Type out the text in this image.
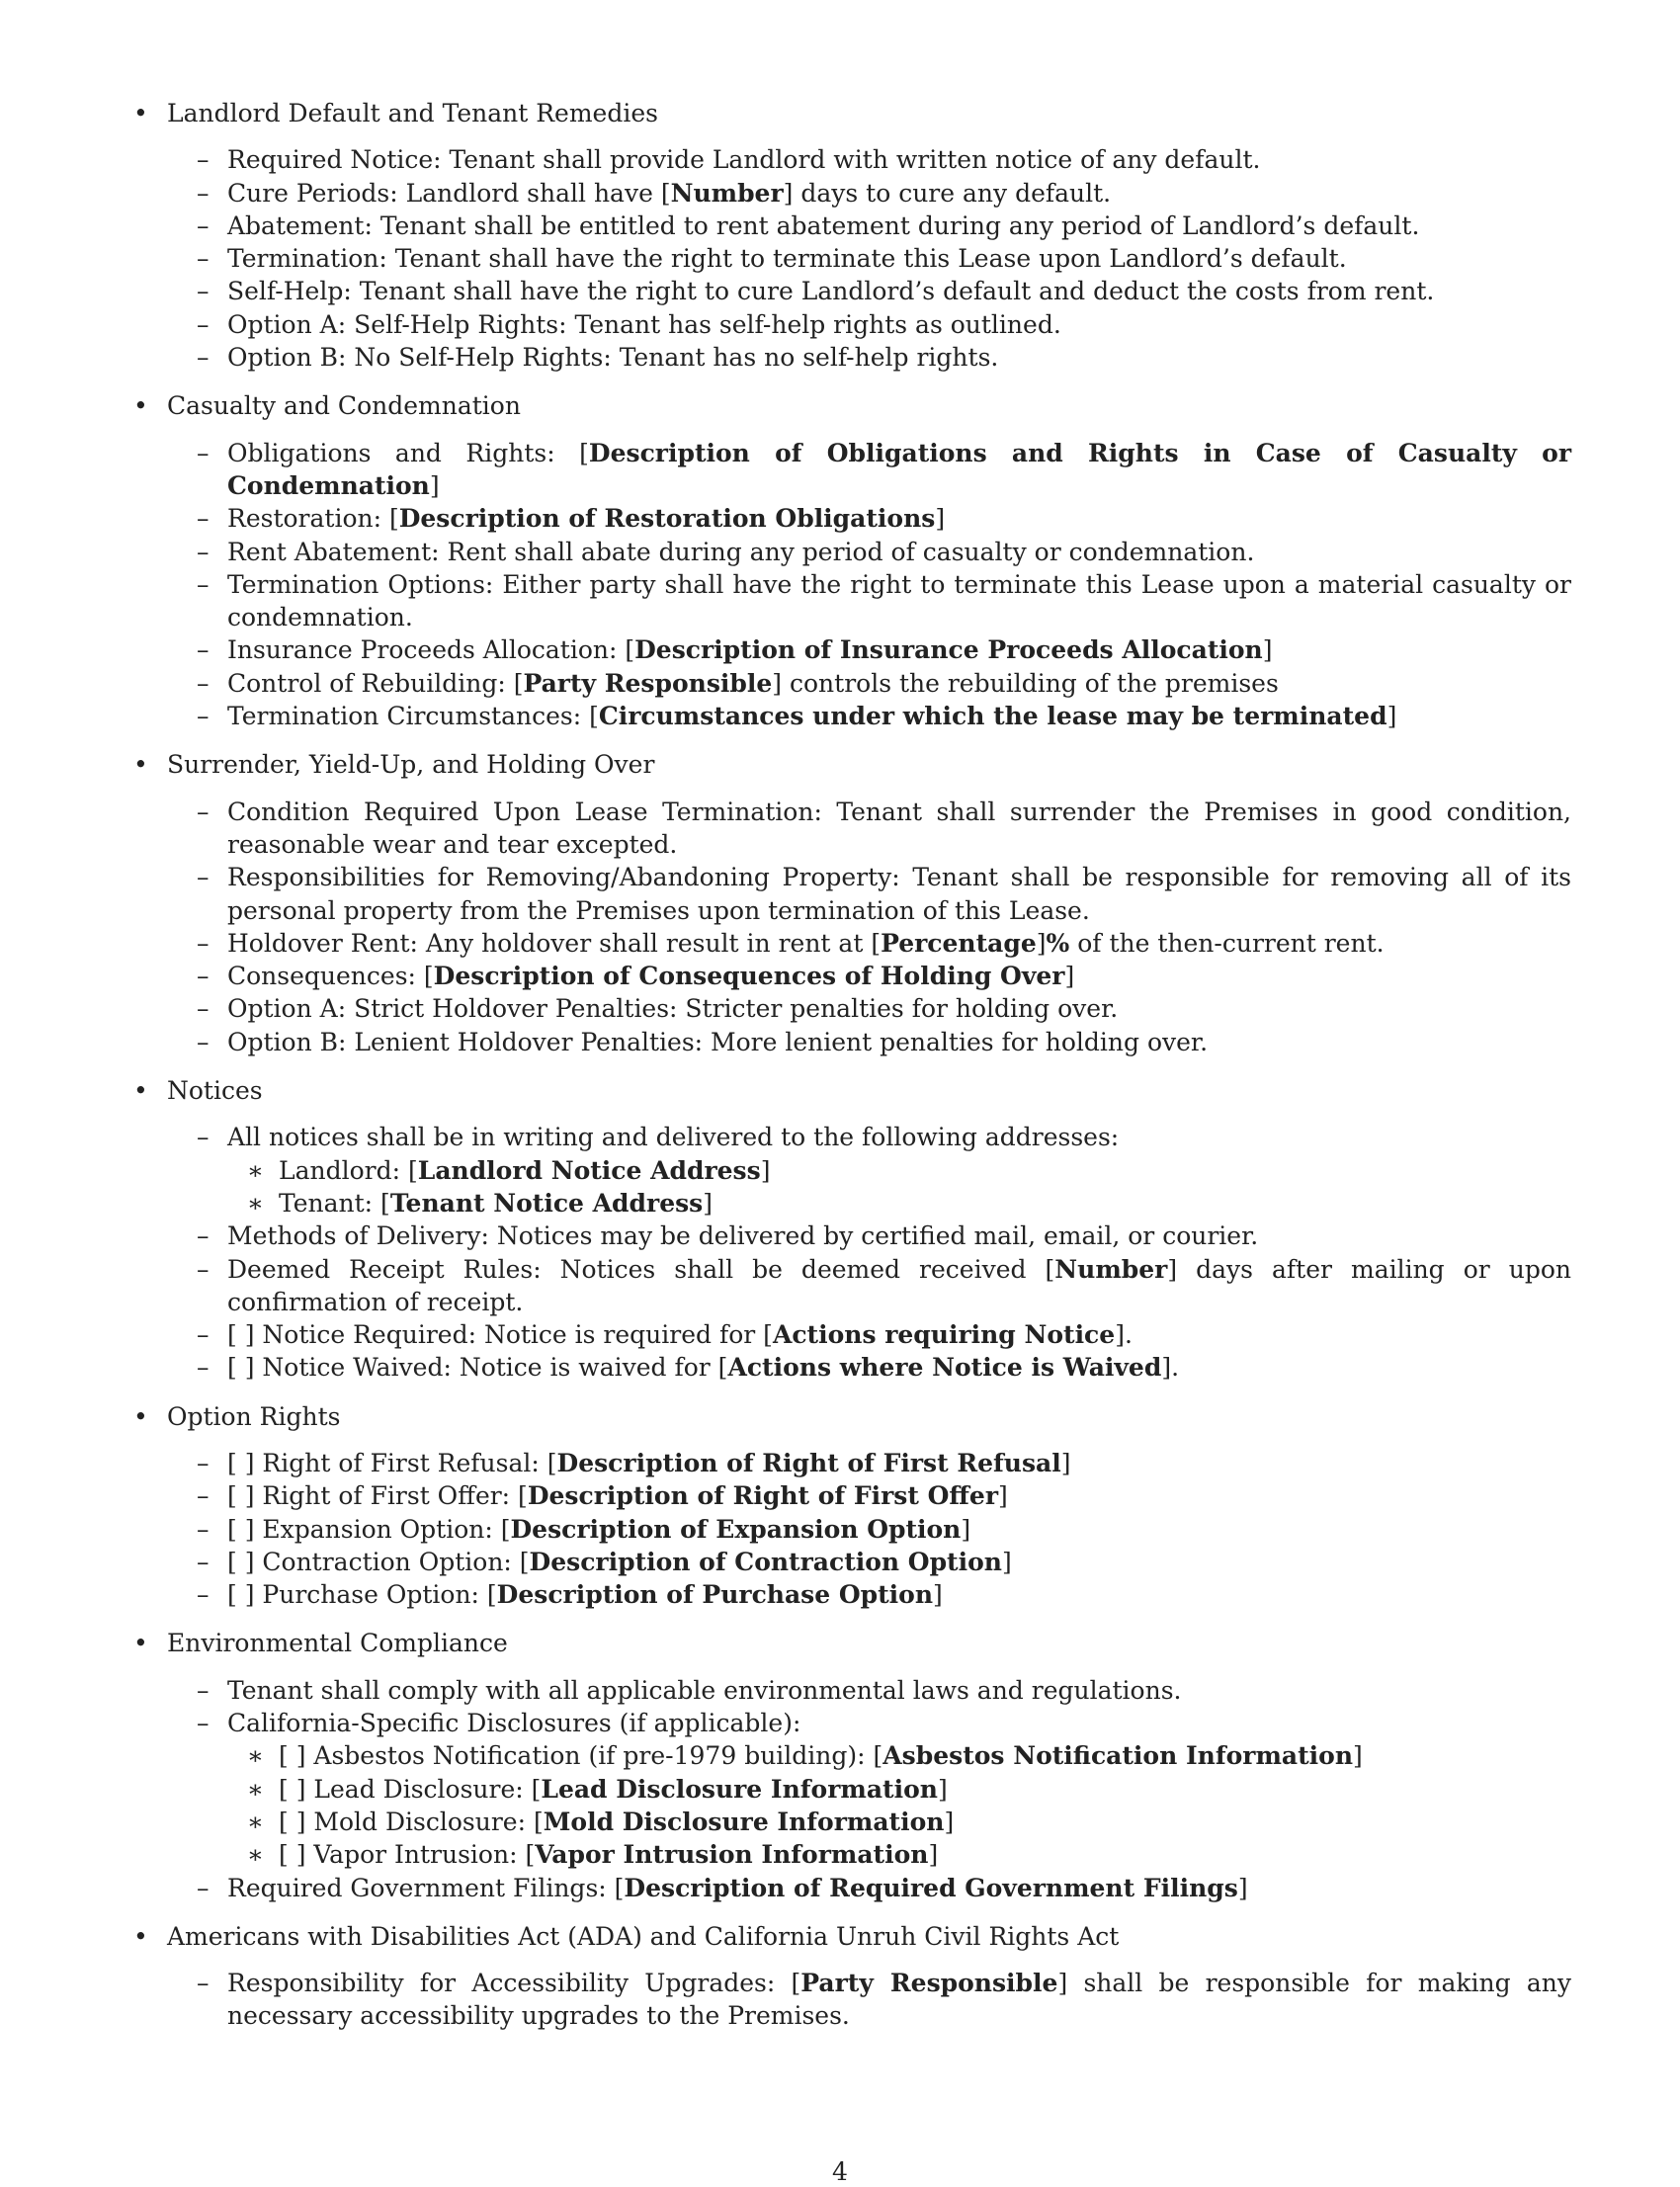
• Landlord Default and Tenant Remedies
– Required Notice: Tenant shall provide Landlord with written notice of any default.
– Cure Periods: Landlord shall have [Number] days to cure any default.
– Abatement: Tenant shall be entitled to rent abatement during any period of Landlord’s default.
– Termination: Tenant shall have the right to terminate this Lease upon Landlord’s default.
– Self-Help: Tenant shall have the right to cure Landlord’s default and deduct the costs from rent.
– Option A: Self-Help Rights: Tenant has self-help rights as outlined.
– Option B: No Self-Help Rights: Tenant has no self-help rights.
• Casualty and Condemnation
– Obligations and Rights: [Description of Obligations and Rights in Case of Casualty or Condemnation]
– Restoration: [Description of Restoration Obligations]
– Rent Abatement: Rent shall abate during any period of casualty or condemnation.
– Termination Options: Either party shall have the right to terminate this Lease upon a material casualty or condemnation.
– Insurance Proceeds Allocation: [Description of Insurance Proceeds Allocation]
– Control of Rebuilding: [Party Responsible] controls the rebuilding of the premises
– Termination Circumstances: [Circumstances under which the lease may be terminated]
• Surrender, Yield-Up, and Holding Over
– Condition Required Upon Lease Termination: Tenant shall surrender the Premises in good condition, reasonable wear and tear excepted.
– Responsibilities for Removing/Abandoning Property: Tenant shall be responsible for removing all of its personal property from the Premises upon termination of this Lease.
– Holdover Rent: Any holdover shall result in rent at [Percentage]% of the then-current rent.
– Consequences: [Description of Consequences of Holding Over]
– Option A: Strict Holdover Penalties: Stricter penalties for holding over.
– Option B: Lenient Holdover Penalties: More lenient penalties for holding over.
• Notices
– All notices shall be in writing and delivered to the following addresses:
∗ Landlord: [Landlord Notice Address]
∗ Tenant: [Tenant Notice Address]
– Methods of Delivery: Notices may be delivered by certified mail, email, or courier.
– Deemed Receipt Rules: Notices shall be deemed received [Number] days after mailing or upon confirmation of receipt.
– [ ] Notice Required: Notice is required for [Actions requiring Notice].
– [ ] Notice Waived: Notice is waived for [Actions where Notice is Waived].
• Option Rights
– [ ] Right of First Refusal: [Description of Right of First Refusal]
– [ ] Right of First Offer: [Description of Right of First Offer]
– [ ] Expansion Option: [Description of Expansion Option]
– [ ] Contraction Option: [Description of Contraction Option]
– [ ] Purchase Option: [Description of Purchase Option]
• Environmental Compliance
– Tenant shall comply with all applicable environmental laws and regulations.
– California-Specific Disclosures (if applicable):
∗ [ ] Asbestos Notification (if pre-1979 building): [Asbestos Notification Information]
∗ [ ] Lead Disclosure: [Lead Disclosure Information]
∗ [ ] Mold Disclosure: [Mold Disclosure Information]
∗ [ ] Vapor Intrusion: [Vapor Intrusion Information]
– Required Government Filings: [Description of Required Government Filings]
• Americans with Disabilities Act (ADA) and California Unruh Civil Rights Act
– Responsibility for Accessibility Upgrades: [Party Responsible] shall be responsible for making any necessary accessibility upgrades to the Premises.
4
